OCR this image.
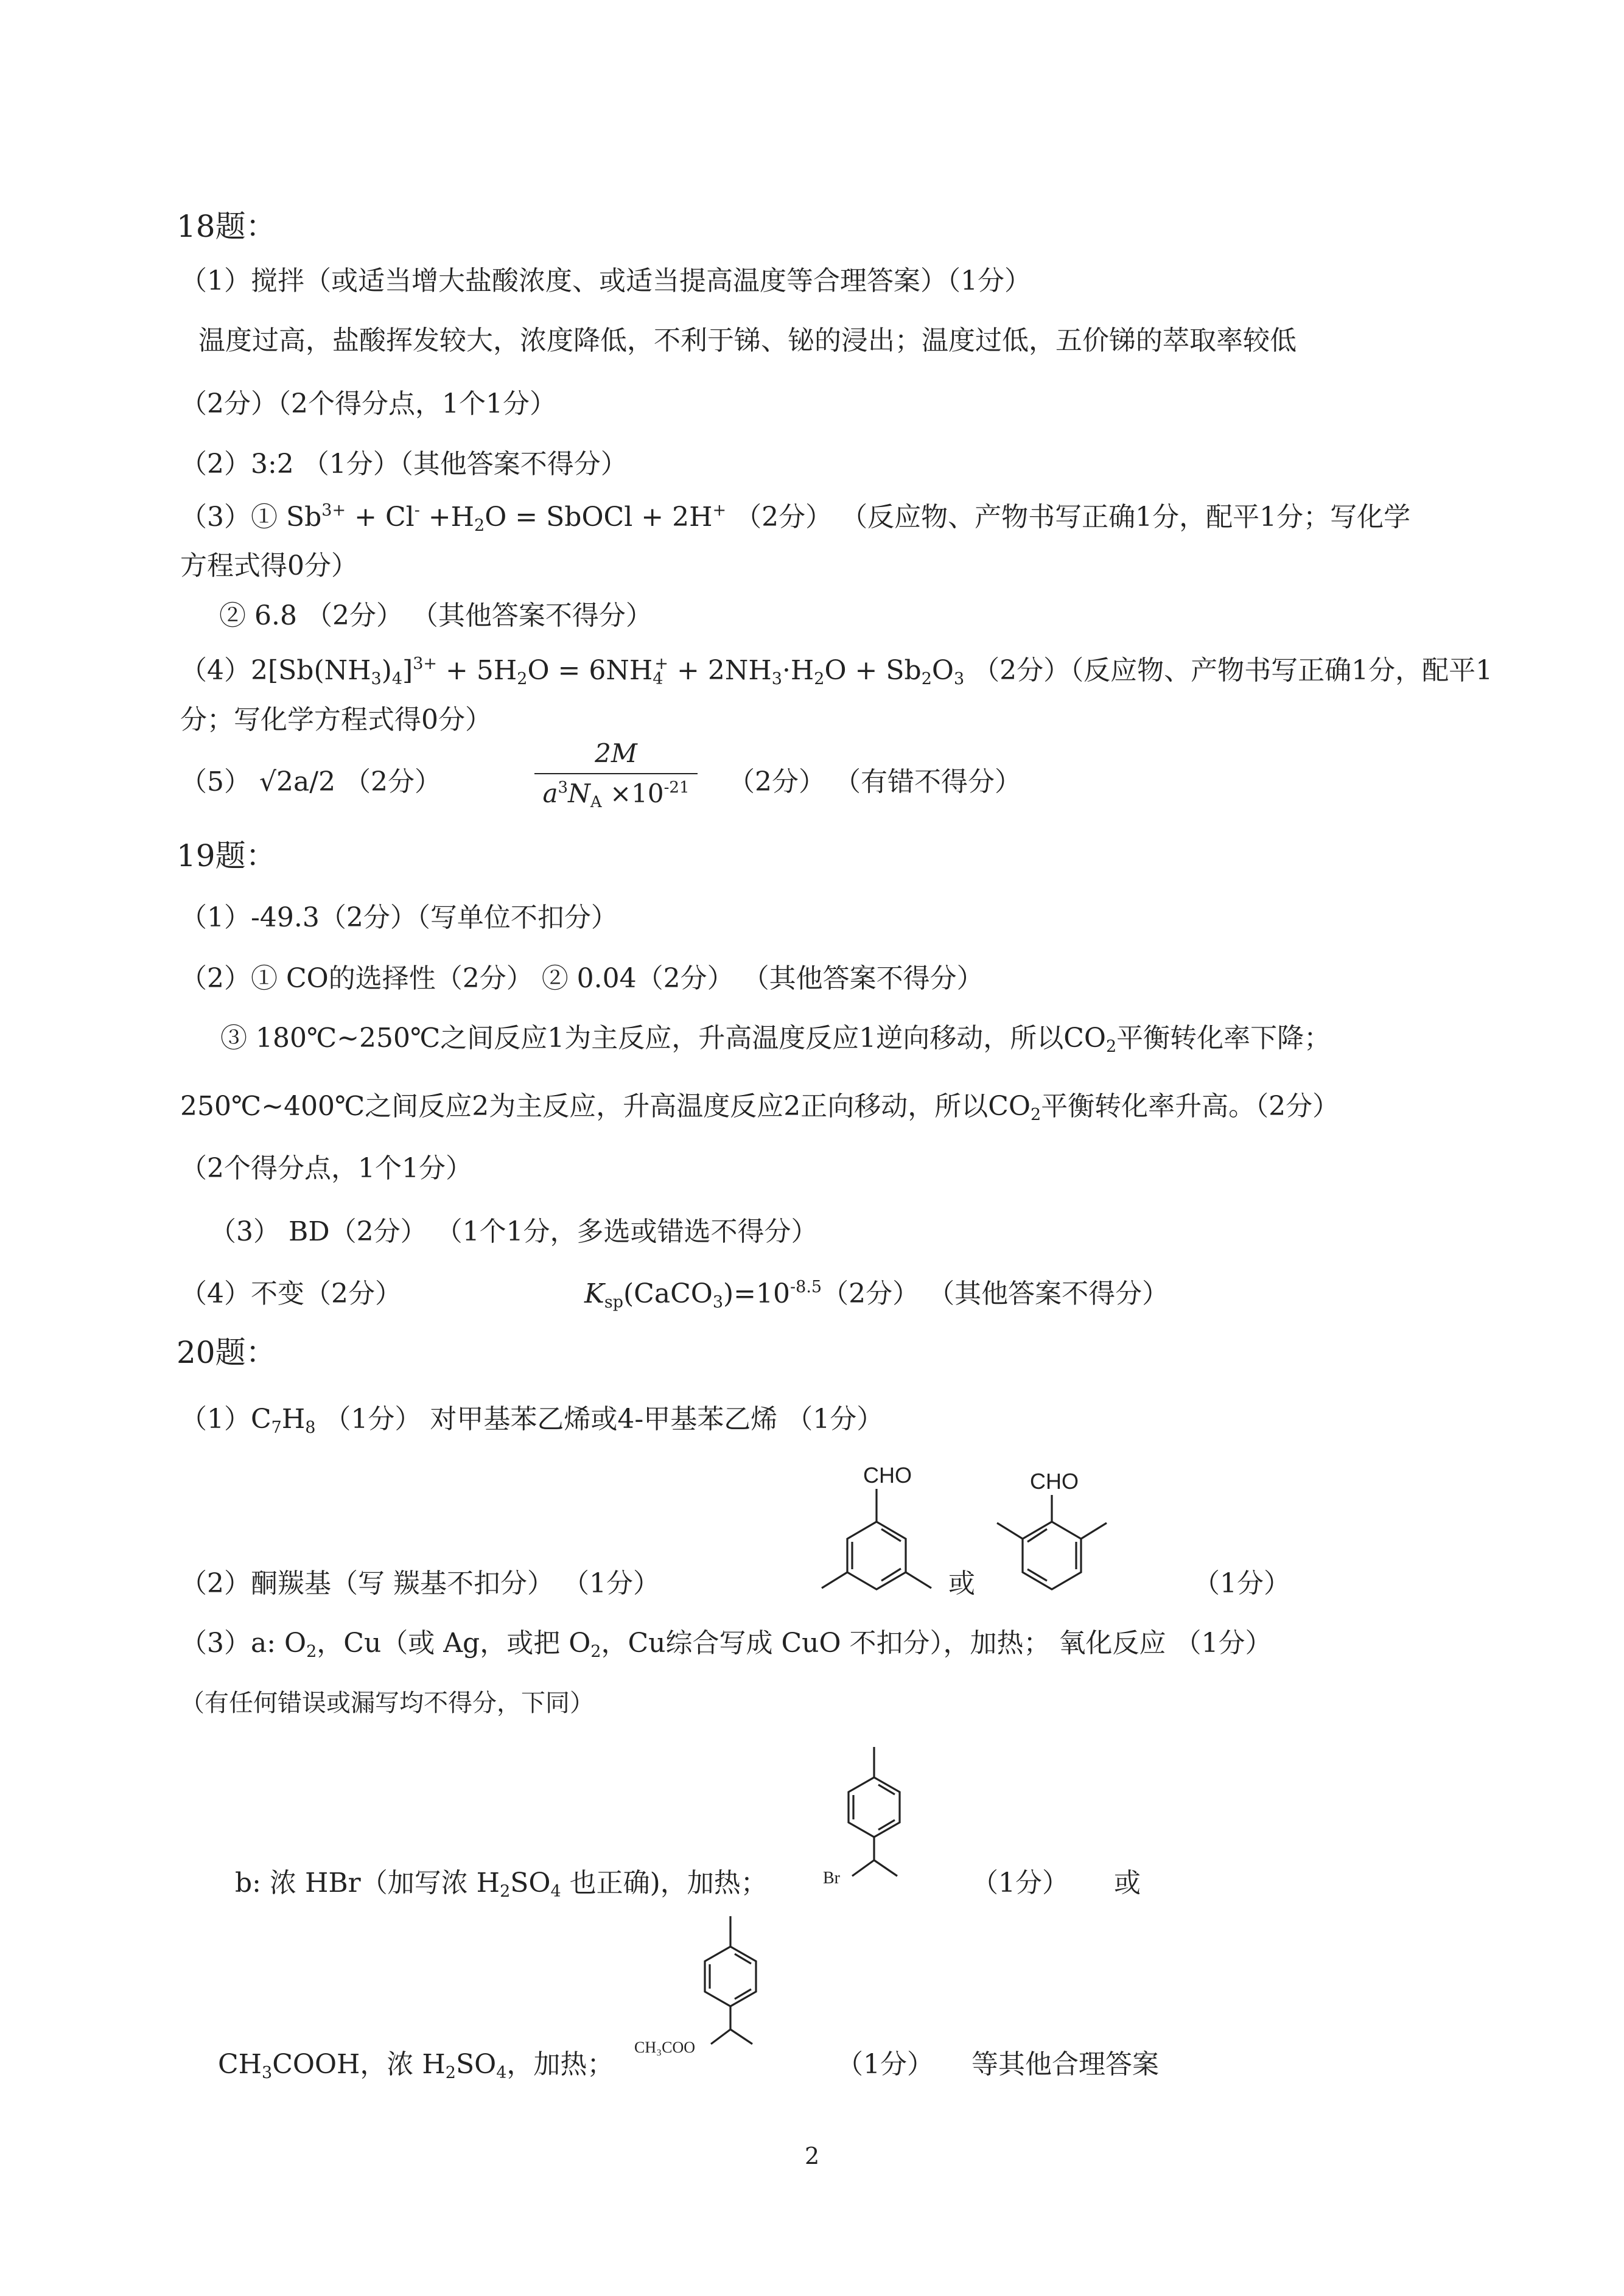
18题：
（1）搅拌（或适当增大盐酸浓度、或适当提高温度等合理答案）（1分）
温度过高，盐酸挥发较大，浓度降低，不利于锑、铋的浸出；温度过低，五价锑的萃取率较低
（2分）（2个得分点，1个1分）
（2）3:2 （1分）（其他答案不得分）
（3）① $Sb^{3+} + Cl^- +H_2O$ = SbOCl + 2H+ （2分） （反应物、产物书写正确1分，配平1分；写化学
方程式得0分）
② 6.8 （2分） （其他答案不得分）
$(4)2[Sb(NH_3)_4]^{3+} + 5H_2O = 6NH_4^+ + 2NH_3\cdot H_2O + Sb_2O_3$ （2分）（反应物、产物书写正确1分，配平1
分；写化学方程式得0分）
（5） √2a/2 （2分）
2M
$a^3N_A \times 10^{-21}$	（2分） （有错不得分）
19题：
（1）-49.3（2分）（写单位不扣分）
（2）① CO的选择性（2分） ② 0.04（2分） （其他答案不得分）
③ 180℃~250℃之间反应1为主反应，升高温度反应1逆向移动，所以$CO_2$平衡转化率下降；
250℃~400℃之间反应2为主反应，升高温度反应2正向移动，所以$CO_2$平衡转化率升高。（2分）
（2个得分点，1个1分）
（3） BD（2分） （1个1分，多选或错选不得分）
（4）不变（2分）	$K_{sp}(CaCO_3)=10^{-8.5}(2$分） （其他答案不得分）
20题：
$(1)C_7H_8$ （1分） 对甲基苯乙烯或4-甲基苯乙烯 （1分）
CHO
（2）酮羰基（写 羰基不扣分） （1分）	或
CHO
（1分）
（3）a: $O_2$，Cu（或 Ag，或把 $O_2$，Cu综合写成 CuO 不扣分），加热； 氧化反应 （1分）
（有任何错误或漏写均不得分，下同）
Br
b: 浓 HBr（加写浓 $H_2SO_4$ 也正确)，加热；	（1分） 或
CH₃COO
$CH_3COOH$，浓 $H_2SO_4$，加热；	（1分） 等其他合理答案
2
